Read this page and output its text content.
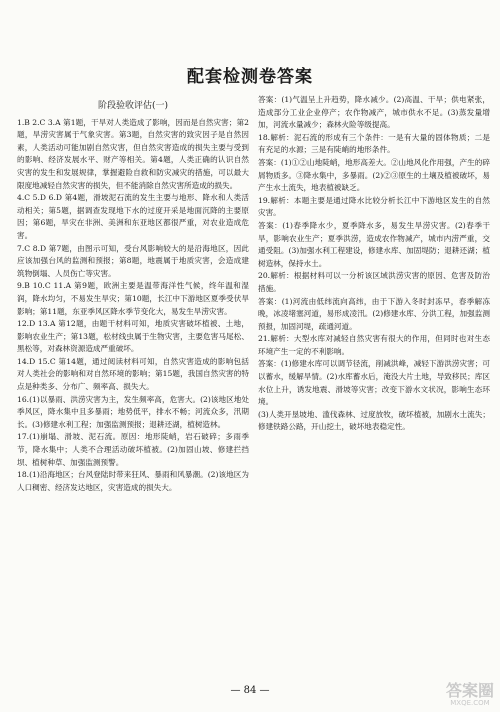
配套检测卷答案
阶段验收评估(一)

1.B 2.C 3.A 第1题，干旱对人类造成了影响，因而是自然灾害；第2题，旱涝灾害属于气象灾害。第3题，自然灾害的致灾因子是自然因素，人类活动可能加剧自然灾害，但自然灾害造成的损失主要与受到的影响、经济发展水平、财产等相关。第4题，人类正确的认识自然灾害的发生和发展规律，掌握避险自救和防灾减灾的措施，可以最大限度地减轻自然灾害的损失，但不能消除自然灾害所造成的损失。

4.C 5.D 6.D 第4题，滑坡泥石流的发生主要与地形、降水和人类活动相关；第5题，据调查发现地下水的过度开采是地面沉降的主要原因；第6题，旱灾在非洲、美洲和东亚地区都很严重，对农业造成危害。

7.C 8.D 第7题，由图示可知，受台风影响较大的是沿海地区，因此应该加强台风的监测和预报；第8题，地震属于地质灾害，会造成建筑物倒塌、人员伤亡等灾害。

9.B 10.C 11.A 第9题，欧洲主要是温带海洋性气候，终年温和湿润，降水均匀，不易发生旱灾；第10题，长江中下游地区夏季受伏旱影响；第11题，东亚季风区降水季节变化大，易发生旱涝灾害。

12.D 13.A 第12题，由题干材料可知，地质灾害破坏植被、土地，影响农业生产；第13题，松材线虫属于生物灾害，主要危害马尾松、黑松等，对森林资源造成严重破坏。

14.D 15.C 第14题，通过阅读材料可知，自然灾害造成的影响包括对人类社会的影响和对自然环境的影响；第15题，我国自然灾害的特点是种类多、分布广、频率高、损失大。

16.(1)以暴雨、洪涝灾害为主，发生频率高，危害大。(2)该地区地处季风区，降水集中且多暴雨；地势低平，排水不畅；河流众多，汛期长。(3)修建水利工程；加强监测预报；退耕还湖，植树造林。

17.(1)崩塌、滑坡、泥石流。原因：地形陡峭，岩石破碎；多雨季节，降水集中；人类不合理活动破坏植被。(2)加固山坡、修建拦挡坝、植树种草、加强监测预警。

18.(1)沿海地区；台风登陆时带来狂风、暴雨和风暴潮。(2)该地区为人口稠密、经济发达地区，灾害造成的损失大。

答案：(1)气温呈上升趋势，降水减少。(2)高温、干旱；供电紧张，造成部分工业企业停产；农作物减产，城市供水不足。(3)蒸发量增加，河流水量减少；森林火险等级提高。

18.解析：泥石流的形成有三个条件：一是有大量的固体物质；二是有充足的水源；三是有陡峭的地形条件。

答案：(1)①②山地陡峭，地形高差大。②山地风化作用强，产生的碎屑物质多。③降水集中，多暴雨。(2)②③原生的土壤及植被破坏，易产生水土流失，地表植被缺乏。

19.解析：本题主要是通过降水比较分析长江中下游地区发生的自然灾害。

答案：(1)春季降水少，夏季降水多，易发生旱涝灾害。(2)春季干旱，影响农业生产；夏季洪涝，造成农作物减产，城市内涝严重，交通受阻。(3)加强水利工程建设，修建水库、加固堤防；退耕还湖；植树造林，保持水土。

20.解析：根据材料可以一分析该区域洪涝灾害的原因、危害及防治措施。

答案：(1)河流由低纬流向高纬，由于下游入冬时封冻早，春季解冻晚，冰凌堵塞河道，易形成凌汛。(2)修建水库、分洪工程，加强监测预报，加固河堤，疏通河道。

21.解析：大型水库对减轻自然灾害有很大的作用，但同时也对生态环境产生一定的不利影响。

答案：(1)修建水库可以调节径流，削减洪峰，减轻下游洪涝灾害；可以蓄水，缓解旱情。(2)水库蓄水后，淹没大片土地，导致移民；库区水位上升，诱发地震、滑坡等灾害；改变下游水文状况，影响生态环境。

(3)人类开垦坡地、滥伐森林、过度放牧，破坏植被，加剧水土流失；修建铁路公路，开山挖土，破坏地表稳定性。

— 84 —	答案圈
MXQE.COM
